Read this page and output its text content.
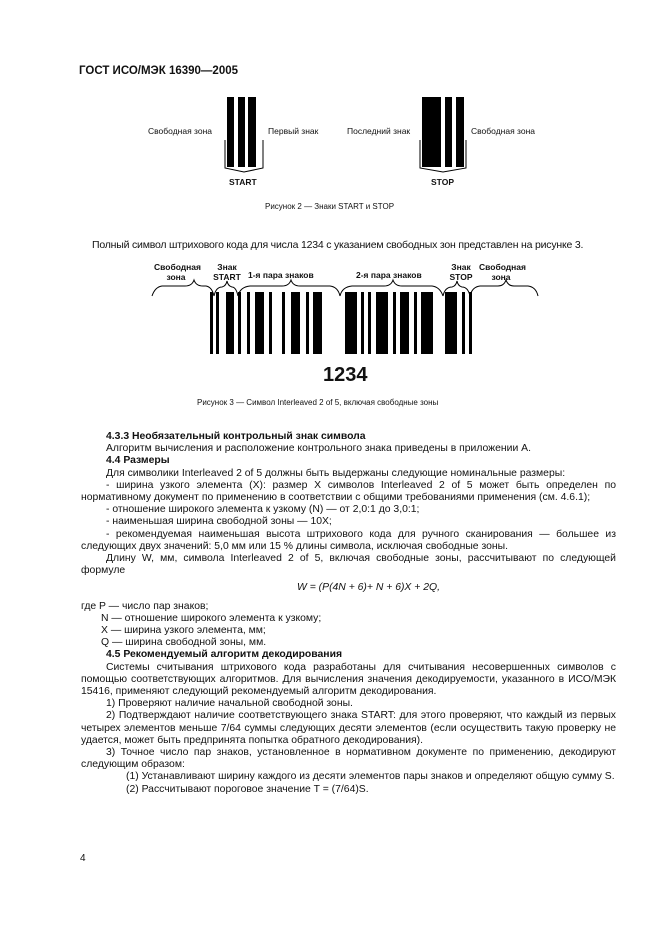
ГОСТ ИСО/МЭК 16390—2005
Свободная зона	Первый знак	Последний знак	Свободная зона
START	STOP
Рисунок 2 — Знаки START и STOP
Полный символ штрихового кода для числа 1234 с указанием свободных зон представлен на рисунке 3.
Свободная зона
Знак START 1-я пара знаков	2-я пара знаков
Знак STOP
Свободная зона
1234
Рисунок 3 — Символ Interleaved 2 of 5, включая свободные зоны

4.3.3 Необязательный контрольный знак символа

Алгоритм вычисления и расположение контрольного знака приведены в приложении А.

4.4 Размеры

Для символики Interleaved 2 of 5 должны быть выдержаны следующие номинальные размеры:

- ширина узкого элемента (X): размер X символов Interleaved 2 of 5 может быть определен по нормативному документ по применению в соответствии с общими требованиями применения (см. 4.6.1);

- отношение широкого элемента к узкому (N) — от 2,0:1 до 3,0:1;

- наименьшая ширина свободной зоны — 10X;

- рекомендуемая наименьшая высота штрихового кода для ручного сканирования — большее из следующих двух значений: 5,0 мм или 15 % длины символа, исключая свободные зоны.

Длину W, мм, символа Interleaved 2 of 5, включая свободные зоны, рассчитывают по следующей формуле

W = (P(4N + 6)+ N + 6)X + 2Q,

где P — число пар знаков;

N — отношение широкого элемента к узкому;

X — ширина узкого элемента, мм;

Q — ширина свободной зоны, мм.

4.5 Рекомендуемый алгоритм декодирования

Системы считывания штрихового кода разработаны для считывания несовершенных символов с помощью соответствующих алгоритмов. Для вычисления значения декодируемости, указанного в ИСО/МЭК 15416, применяют следующий рекомендуемый алгоритм декодирования.

1) Проверяют наличие начальной свободной зоны.

2) Подтверждают наличие соответствующего знака START: для этого проверяют, что каждый из первых четырех элементов меньше 7/64 суммы следующих десяти элементов (если осуществить такую проверку не удается, может быть предпринята попытка обратного декодирования).

3) Точное число пар знаков, установленное в нормативном документе по применению, декодируют следующим образом:

(1) Устанавливают ширину каждого из десяти элементов пары знаков и определяют общую сумму S.

(2) Рассчитывают пороговое значение T = (7/64)S.

4
